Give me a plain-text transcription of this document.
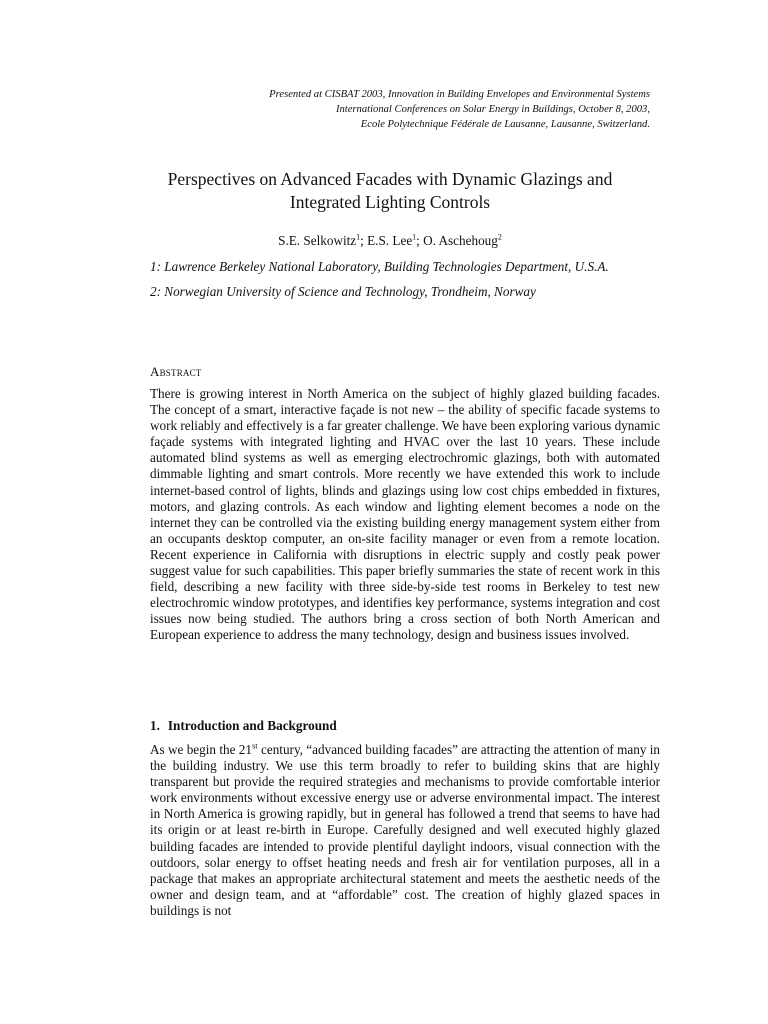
Presented at CISBAT 2003, Innovation in Building Envelopes and Environmental Systems
International Conferences on Solar Energy in Buildings, October 8, 2003,
Ecole Polytechnique Fédérale de Lausanne, Lausanne, Switzerland.
Perspectives on Advanced Facades with Dynamic Glazings and
Integrated Lighting Controls
S.E. Selkowitz$^1$; E.S. Lee$^1$; O. Aschehoug$^2$
1: Lawrence Berkeley National Laboratory, Building Technologies Department, U.S.A.
2: Norwegian University of Science and Technology, Trondheim, Norway
Abstract
There is growing interest in North America on the subject of highly glazed building facades. The concept of a smart, interactive façade is not new – the ability of specific facade systems to work reliably and effectively is a far greater challenge. We have been exploring various dynamic façade systems with integrated lighting and HVAC over the last 10 years. These include automated blind systems as well as emerging electrochromic glazings, both with automated dimmable lighting and smart controls. More recently we have extended this work to include internet-based control of lights, blinds and glazings using low cost chips embedded in fixtures, motors, and glazing controls. As each window and lighting element becomes a node on the internet they can be controlled via the existing building energy management system either from an occupants desktop computer, an on-site facility manager or even from a remote location. Recent experience in California with disruptions in electric supply and costly peak power suggest value for such capabilities. This paper briefly summaries the state of recent work in this field, describing a new facility with three side-by-side test rooms in Berkeley to test new electrochromic window prototypes, and identifies key performance, systems integration and cost issues now being studied. The authors bring a cross section of both North American and European experience to address the many technology, design and business issues involved.
1. Introduction and Background
As we begin the 21st century, “advanced building facades” are attracting the attention of many in the building industry. We use this term broadly to refer to building skins that are highly transparent but provide the required strategies and mechanisms to provide comfortable interior work environments without excessive energy use or adverse environmental impact. The interest in North America is growing rapidly, but in general has followed a trend that seems to have had its origin or at least re-birth in Europe. Carefully designed and well executed highly glazed building facades are intended to provide plentiful daylight indoors, visual connection with the outdoors, solar energy to offset heating needs and fresh air for ventilation purposes, all in a package that makes an appropriate architectural statement and meets the aesthetic needs of the owner and design team, and at “affordable” cost. The creation of highly glazed spaces in buildings is not
